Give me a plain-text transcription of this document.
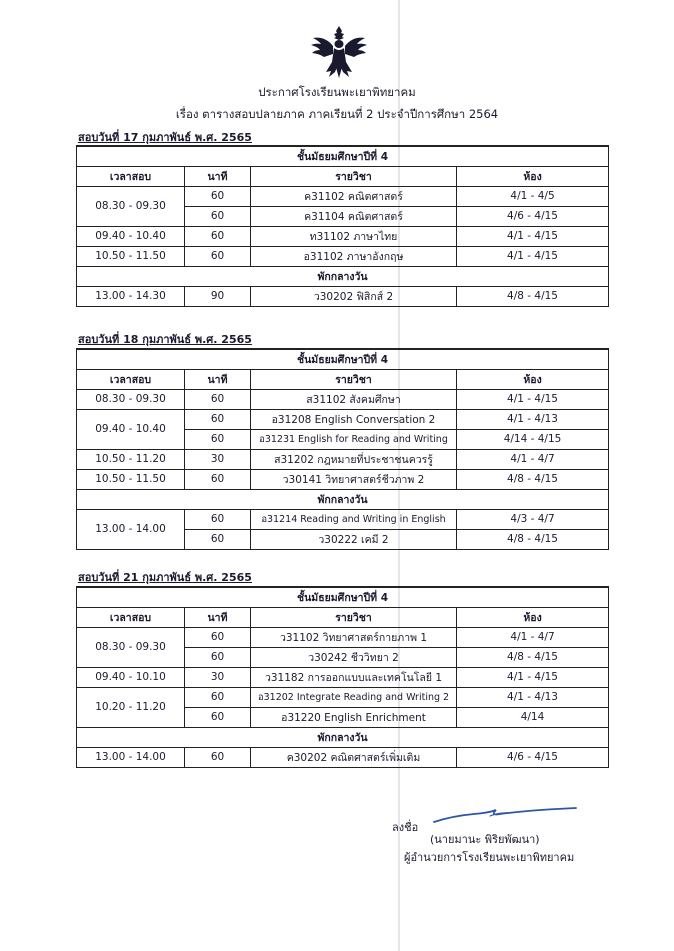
ประกาศโรงเรียนพะเยาพิทยาคม
เรื่อง ตารางสอบปลายภาค ภาคเรียนที่ 2 ประจำปีการศึกษา 2564
สอบวันที่ 17 กุมภาพันธ์ พ.ศ. 2565
ชั้นมัธยมศึกษาปีที่ 4			
เวลาสอบ	นาที	รายวิชา	ห้อง
08.30 - 09.30	60	ค31102 คณิตศาสตร์	4/1 - 4/5
	60	ค31104 คณิตศาสตร์	4/6 - 4/15
09.40 - 10.40	60	ท31102 ภาษาไทย	4/1 - 4/15
10.50 - 11.50	60	อ31102 ภาษาอังกฤษ	4/1 - 4/15
พักกลางวัน			
13.00 - 14.30	90	ว30202 ฟิสิกส์ 2	4/8 - 4/15
สอบวันที่ 18 กุมภาพันธ์ พ.ศ. 2565
ชั้นมัธยมศึกษาปีที่ 4			
เวลาสอบ	นาที	รายวิชา	ห้อง
08.30 - 09.30	60	ส31102 สังคมศึกษา	4/1 - 4/15
09.40 - 10.40	60	อ31208 English Conversation 2	4/1 - 4/13
	60	อ31231 English for Reading and Writing	4/14 - 4/15
10.50 - 11.20	30	ส31202 กฎหมายที่ประชาชนควรรู้	4/1 - 4/7
10.50 - 11.50	60	ว30141 วิทยาศาสตร์ชีวภาพ 2	4/8 - 4/15
พักกลางวัน			
13.00 - 14.00	60	อ31214 Reading and Writing in English	4/3 - 4/7
	60	ว30222 เคมี 2	4/8 - 4/15
สอบวันที่ 21 กุมภาพันธ์ พ.ศ. 2565
ชั้นมัธยมศึกษาปีที่ 4			
เวลาสอบ	นาที	รายวิชา	ห้อง
08.30 - 09.30	60	ว31102 วิทยาศาสตร์กายภาพ 1	4/1 - 4/7
	60	ว30242 ชีววิทยา 2	4/8 - 4/15
09.40 - 10.10	30	ว31182 การออกแบบและเทคโนโลยี 1	4/1 - 4/15
10.20 - 11.20	60	อ31202 Integrate Reading and Writing 2	4/1 - 4/13
	60	อ31220 English Enrichment	4/14
พักกลางวัน			
13.00 - 14.00	60	ค30202 คณิตศาสตร์เพิ่มเติม	4/6 - 4/15
ลงชื่อ
(นายมานะ พิริยพัฒนา)
ผู้อำนวยการโรงเรียนพะเยาพิทยาคม
